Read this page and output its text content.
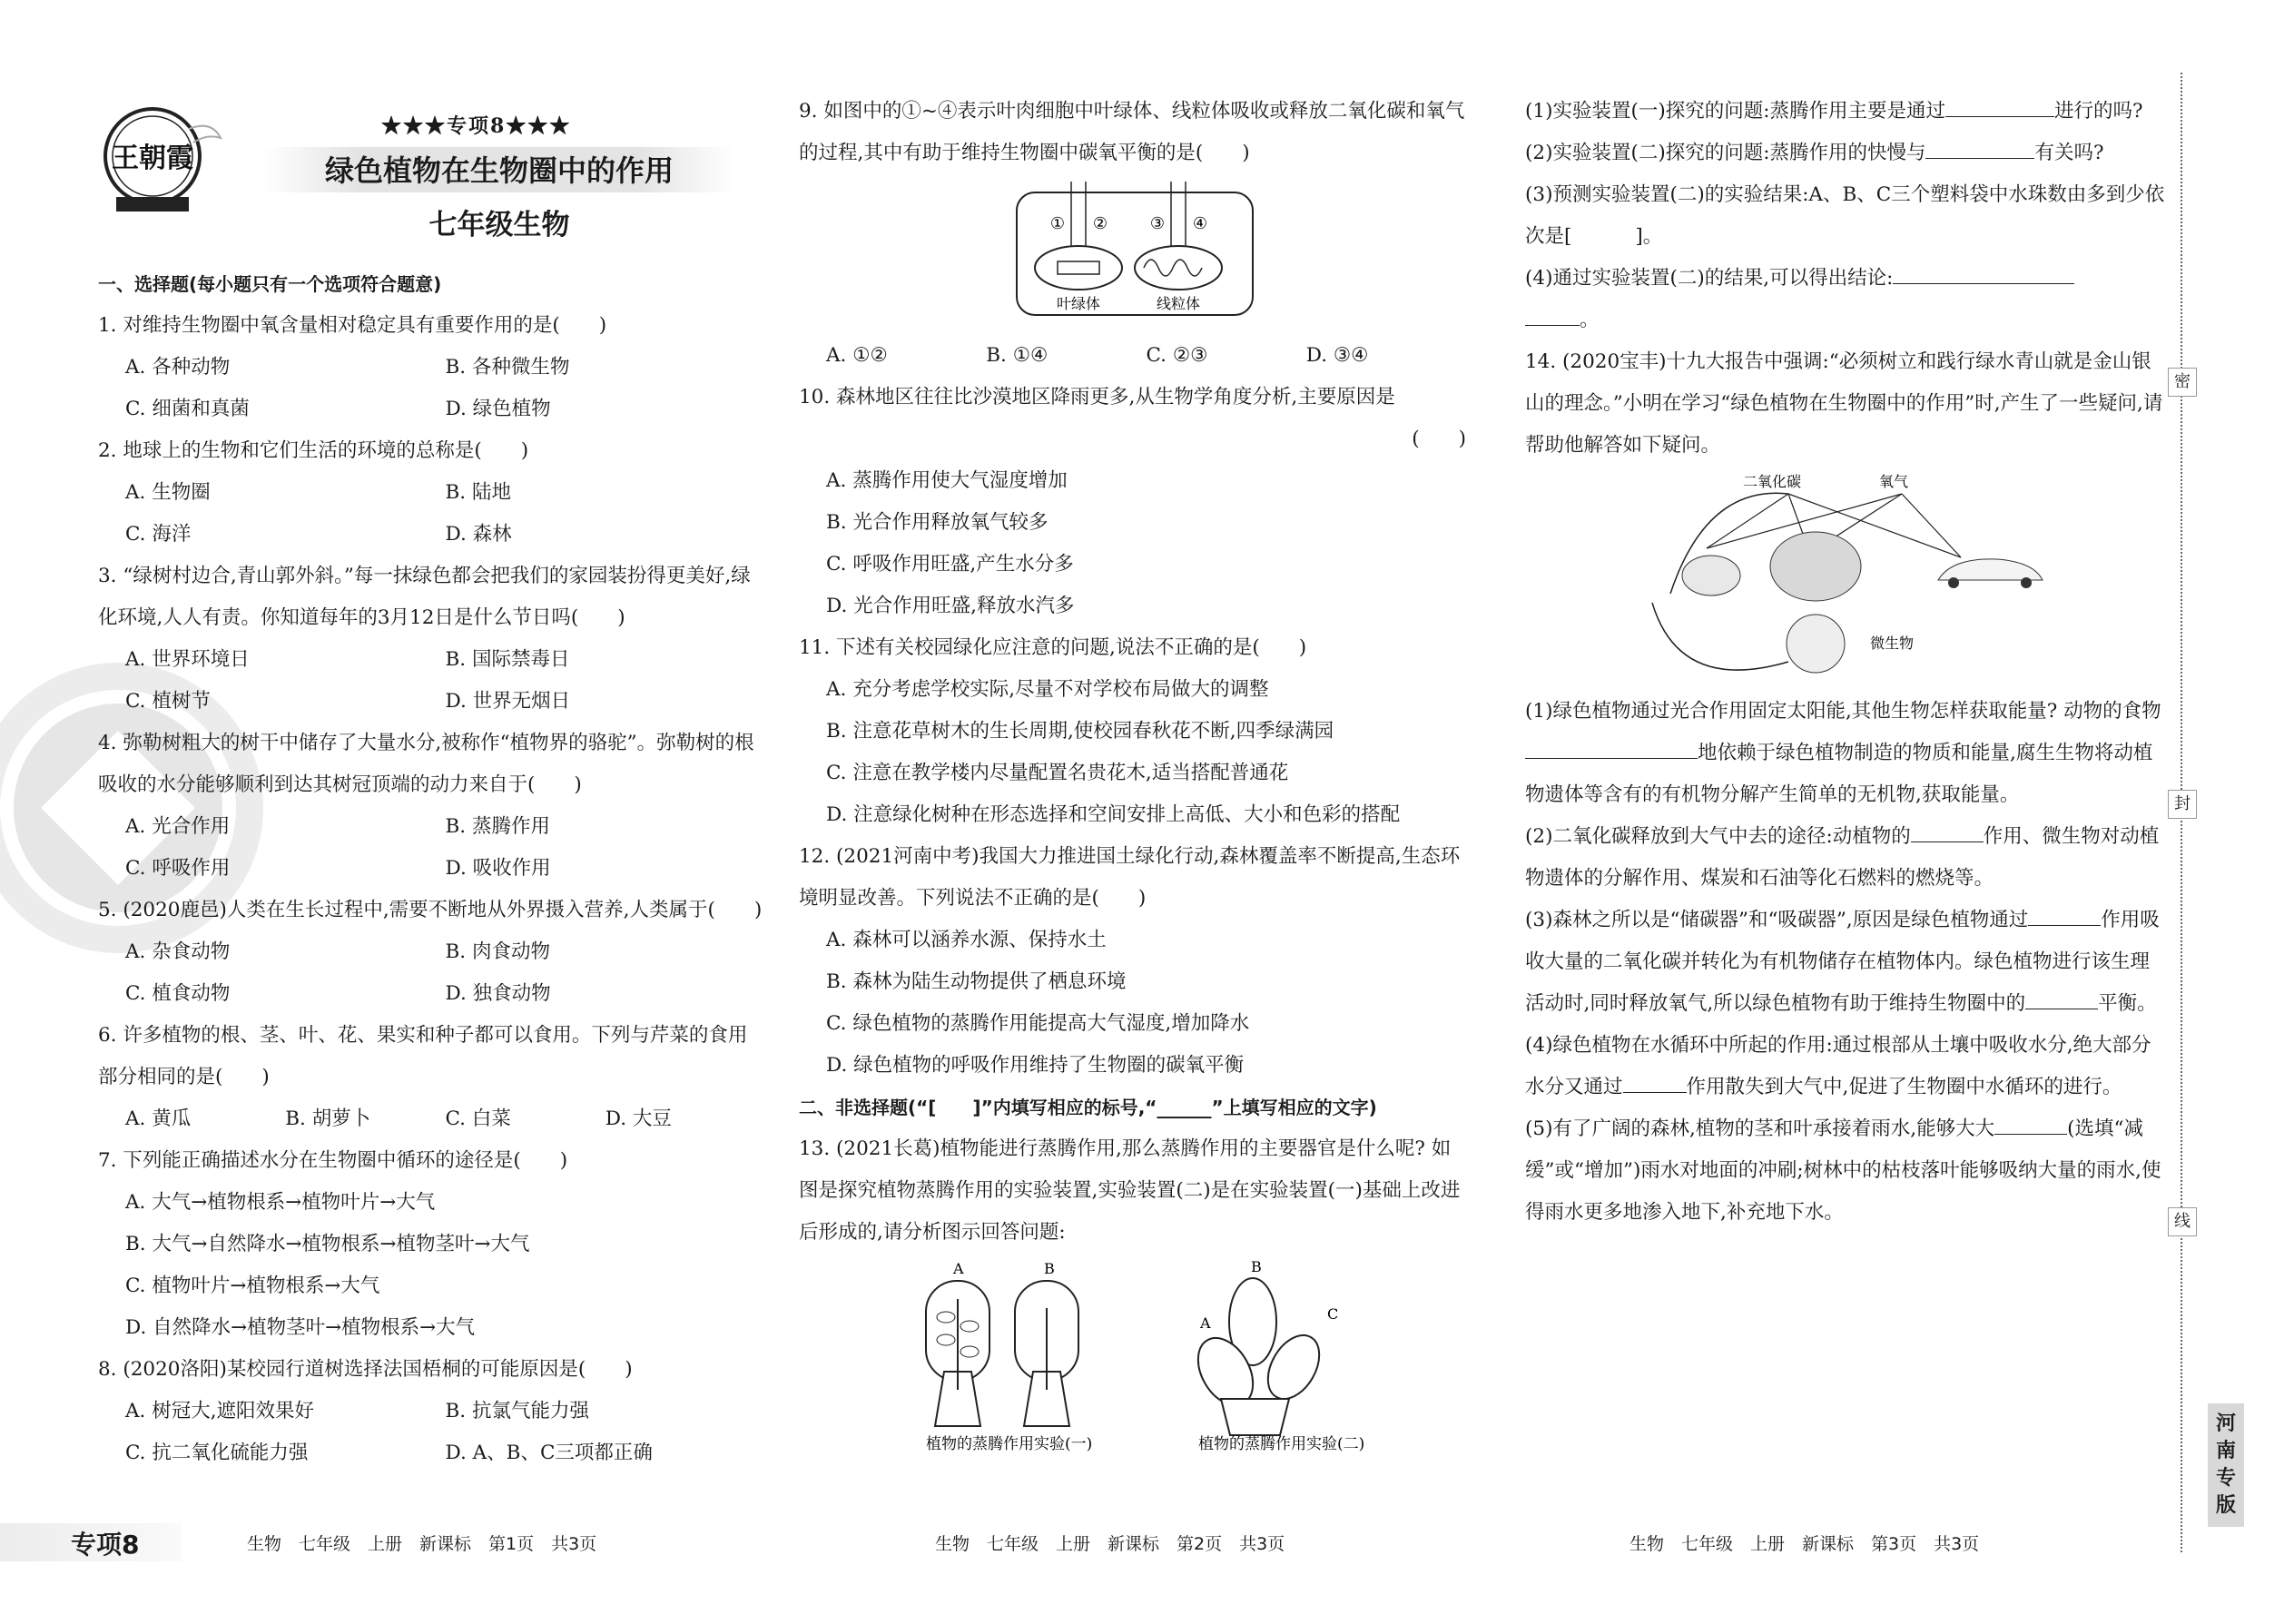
王朝霞
★★★专项8★★★
绿色植物在生物圈中的作用
七年级生物
一、选择题(每小题只有一个选项符合题意)

1. 对维持生物圈中氧含量相对稳定具有重要作用的是(　　)

A. 各种动物	B. 各种微生物
C. 细菌和真菌	D. 绿色植物

2. 地球上的生物和它们生活的环境的总称是(　　)

A. 生物圈	B. 陆地
C. 海洋	D. 森林

3. “绿树村边合,青山郭外斜。”每一抹绿色都会把我们的家园装扮得更美好,绿化环境,人人有责。你知道每年的3月12日是什么节日吗(　　)

A. 世界环境日	B. 国际禁毒日
C. 植树节	D. 世界无烟日

4. 弥勒树粗大的树干中储存了大量水分,被称作“植物界的骆驼”。弥勒树的根吸收的水分能够顺利到达其树冠顶端的动力来自于(　　)

A. 光合作用	B. 蒸腾作用
C. 呼吸作用	D. 吸收作用

5. (2020鹿邑)人类在生长过程中,需要不断地从外界摄入营养,人类属于(　　)

A. 杂食动物	B. 肉食动物
C. 植食动物	D. 独食动物

6. 许多植物的根、茎、叶、花、果实和种子都可以食用。下列与芹菜的食用部分相同的是(　　)

A. 黄瓜	B. 胡萝卜	C. 白菜	D. 大豆

7. 下列能正确描述水分在生物圈中循环的途径是(　　)

A. 大气→植物根系→植物叶片→大气
B. 大气→自然降水→植物根系→植物茎叶→大气
C. 植物叶片→植物根系→大气
D. 自然降水→植物茎叶→植物根系→大气

8. (2020洛阳)某校园行道树选择法国梧桐的可能原因是(　　)

A. 树冠大,遮阳效果好	B. 抗氯气能力强
C. 抗二氧化硫能力强	D. A、B、C三项都正确

9. 如图中的①~④表示叶肉细胞中叶绿体、线粒体吸收或释放二氧化碳和氧气的过程,其中有助于维持生物圈中碳氧平衡的是(　　)

① ②	③ ④
叶绿体	线粒体
A. ①②	B. ①④	C. ②③	D. ③④

10. 森林地区往往比沙漠地区降雨更多,从生物学角度分析,主要原因是

(　　)
A. 蒸腾作用使大气湿度增加
B. 光合作用释放氧气较多
C. 呼吸作用旺盛,产生水分多
D. 光合作用旺盛,释放水汽多

11. 下述有关校园绿化应注意的问题,说法不正确的是(　　)

A. 充分考虑学校实际,尽量不对学校布局做大的调整
B. 注意花草树木的生长周期,使校园春秋花不断,四季绿满园
C. 注意在教学楼内尽量配置名贵花木,适当搭配普通花
D. 注意绿化树种在形态选择和空间安排上高低、大小和色彩的搭配

12. (2021河南中考)我国大力推进国土绿化行动,森林覆盖率不断提高,生态环境明显改善。下列说法不正确的是(　　)

A. 森林可以涵养水源、保持水土
B. 森林为陆生动物提供了栖息环境
C. 绿色植物的蒸腾作用能提高大气湿度,增加降水
D. 绿色植物的呼吸作用维持了生物圈的碳氧平衡
二、非选择题(“[　　]”内填写相应的标号,“______”上填写相应的文字)

13. (2021长葛)植物能进行蒸腾作用,那么蒸腾作用的主要器官是什么呢? 如图是探究植物蒸腾作用的实验装置,实验装置(二)是在实验装置(一)基础上改进后形成的,请分析图示回答问题:

A	B
植物的蒸腾作用实验(一)
B
A
C
植物的蒸腾作用实验(二)
(1)实验装置(一)探究的问题:蒸腾作用主要是通过	进行的吗?
(2)实验装置(二)探究的问题:蒸腾作用的快慢与	有关吗?
(3)预测实验装置(二)的实验结果:A、B、C三个塑料袋中水珠数由多到少依次是[	]。
(4)通过实验装置(二)的结果,可以得出结论:
。

14. (2020宝丰)十九大报告中强调:“必须树立和践行绿水青山就是金山银山的理念。”小明在学习“绿色植物在生物圈中的作用”时,产生了一些疑问,请帮助他解答如下疑问。

二氧化碳	氧气
微生物
(1)绿色植物通过光合作用固定太阳能,其他生物怎样获取能量? 动物的食物地依赖于绿色植物制造的物质和能量,腐生生物将动植物遗体等含有的有机物分解产生简单的无机物,获取能量。
(2)二氧化碳释放到大气中去的途径:动植物的	作用、微生物对动植物遗体的分解作用、煤炭和石油等化石燃料的燃烧等。
(3)森林之所以是“储碳器”和“吸碳器”,原因是绿色植物通过	作用吸收大量的二氧化碳并转化为有机物储存在植物体内。绿色植物进行该生理活动时,同时释放氧气,所以绿色植物有助于维持生物圈中的	平衡。
(4)绿色植物在水循环中所起的作用:通过根部从土壤中吸收水分,绝大部分水分又通过	作用散失到大气中,促进了生物圈中水循环的进行。
(5)有了广阔的森林,植物的茎和叶承接着雨水,能够大大	(选填“减缓”或“增加”)雨水对地面的冲刷;树林中的枯枝落叶能够吸纳大量的雨水,使得雨水更多地渗入地下,补充地下水。
密
封
线
河
南
专
版
专项8	生物　七年级　上册　新课标　第1页　共3页	生物　七年级　上册　新课标　第2页　共3页	生物　七年级　上册　新课标　第3页　共3页
